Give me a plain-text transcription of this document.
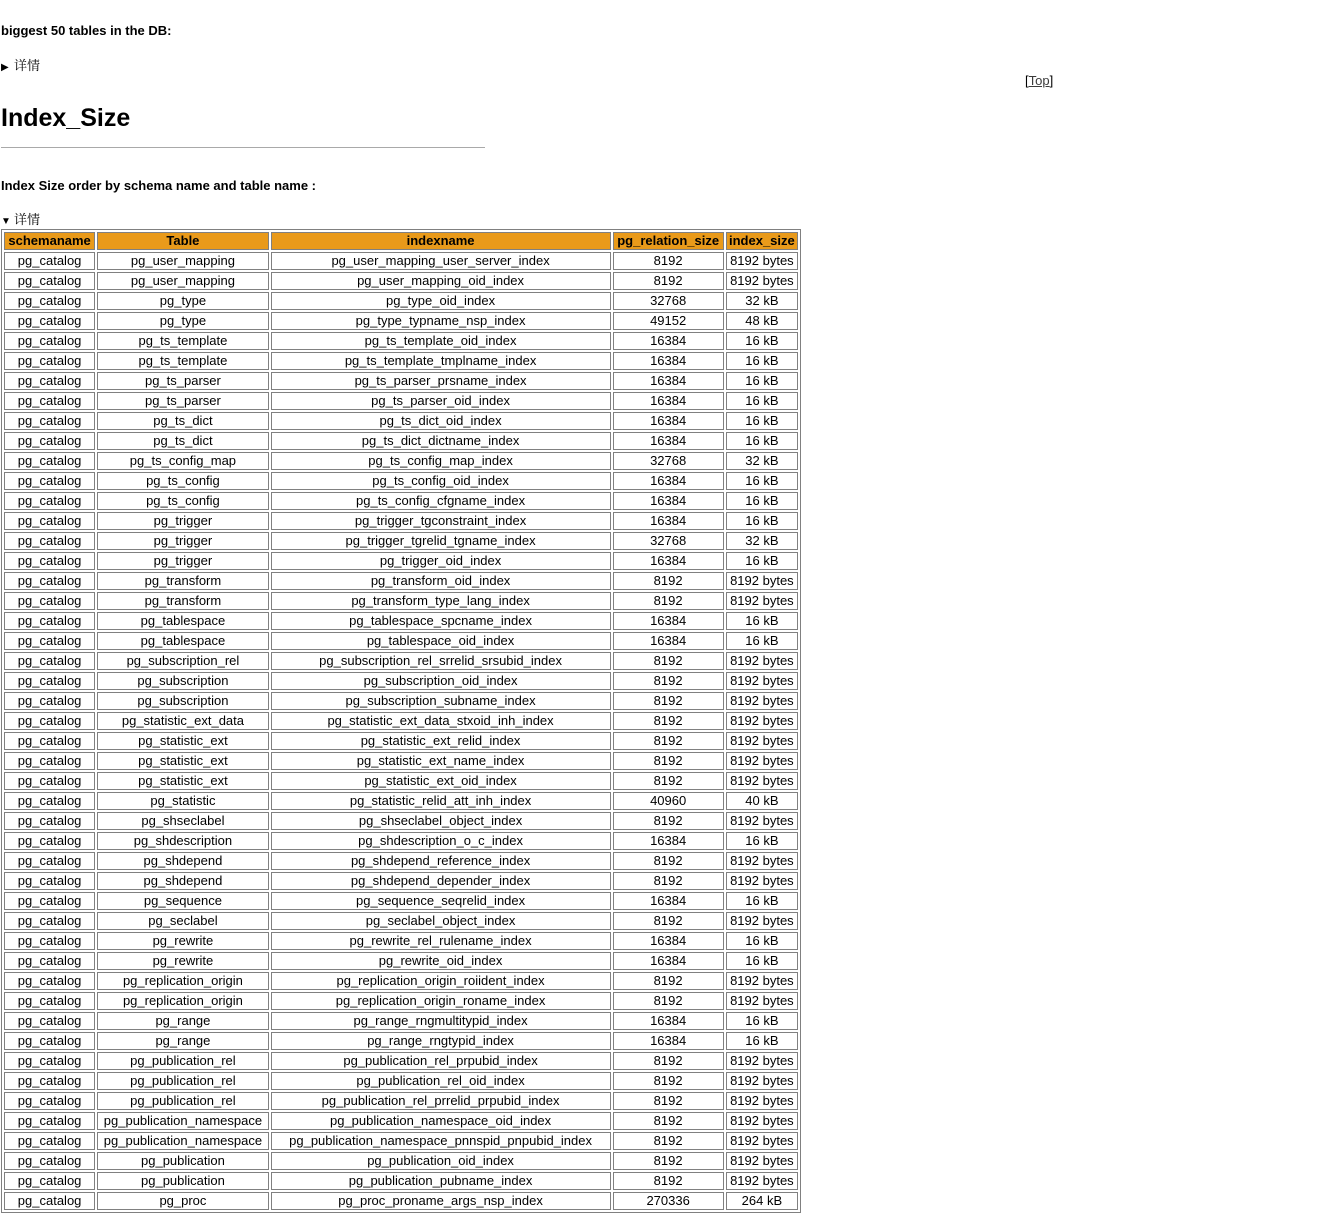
biggest 50 tables in the DB:
▶ 详情
[Top]
Index_Size
Index Size order by schema name and table name :
▼ 详情
schemaname	Table	indexname	pg_relation_size	index_size
pg_catalog	pg_user_mapping	pg_user_mapping_user_server_index	8192	8192 bytes
pg_catalog	pg_user_mapping	pg_user_mapping_oid_index	8192	8192 bytes
pg_catalog	pg_type	pg_type_oid_index	32768	32 kB
pg_catalog	pg_type	pg_type_typname_nsp_index	49152	48 kB
pg_catalog	pg_ts_template	pg_ts_template_oid_index	16384	16 kB
pg_catalog	pg_ts_template	pg_ts_template_tmplname_index	16384	16 kB
pg_catalog	pg_ts_parser	pg_ts_parser_prsname_index	16384	16 kB
pg_catalog	pg_ts_parser	pg_ts_parser_oid_index	16384	16 kB
pg_catalog	pg_ts_dict	pg_ts_dict_oid_index	16384	16 kB
pg_catalog	pg_ts_dict	pg_ts_dict_dictname_index	16384	16 kB
pg_catalog	pg_ts_config_map	pg_ts_config_map_index	32768	32 kB
pg_catalog	pg_ts_config	pg_ts_config_oid_index	16384	16 kB
pg_catalog	pg_ts_config	pg_ts_config_cfgname_index	16384	16 kB
pg_catalog	pg_trigger	pg_trigger_tgconstraint_index	16384	16 kB
pg_catalog	pg_trigger	pg_trigger_tgrelid_tgname_index	32768	32 kB
pg_catalog	pg_trigger	pg_trigger_oid_index	16384	16 kB
pg_catalog	pg_transform	pg_transform_oid_index	8192	8192 bytes
pg_catalog	pg_transform	pg_transform_type_lang_index	8192	8192 bytes
pg_catalog	pg_tablespace	pg_tablespace_spcname_index	16384	16 kB
pg_catalog	pg_tablespace	pg_tablespace_oid_index	16384	16 kB
pg_catalog	pg_subscription_rel	pg_subscription_rel_srrelid_srsubid_index	8192	8192 bytes
pg_catalog	pg_subscription	pg_subscription_oid_index	8192	8192 bytes
pg_catalog	pg_subscription	pg_subscription_subname_index	8192	8192 bytes
pg_catalog	pg_statistic_ext_data	pg_statistic_ext_data_stxoid_inh_index	8192	8192 bytes
pg_catalog	pg_statistic_ext	pg_statistic_ext_relid_index	8192	8192 bytes
pg_catalog	pg_statistic_ext	pg_statistic_ext_name_index	8192	8192 bytes
pg_catalog	pg_statistic_ext	pg_statistic_ext_oid_index	8192	8192 bytes
pg_catalog	pg_statistic	pg_statistic_relid_att_inh_index	40960	40 kB
pg_catalog	pg_shseclabel	pg_shseclabel_object_index	8192	8192 bytes
pg_catalog	pg_shdescription	pg_shdescription_o_c_index	16384	16 kB
pg_catalog	pg_shdepend	pg_shdepend_reference_index	8192	8192 bytes
pg_catalog	pg_shdepend	pg_shdepend_depender_index	8192	8192 bytes
pg_catalog	pg_sequence	pg_sequence_seqrelid_index	16384	16 kB
pg_catalog	pg_seclabel	pg_seclabel_object_index	8192	8192 bytes
pg_catalog	pg_rewrite	pg_rewrite_rel_rulename_index	16384	16 kB
pg_catalog	pg_rewrite	pg_rewrite_oid_index	16384	16 kB
pg_catalog	pg_replication_origin	pg_replication_origin_roiident_index	8192	8192 bytes
pg_catalog	pg_replication_origin	pg_replication_origin_roname_index	8192	8192 bytes
pg_catalog	pg_range	pg_range_rngmultitypid_index	16384	16 kB
pg_catalog	pg_range	pg_range_rngtypid_index	16384	16 kB
pg_catalog	pg_publication_rel	pg_publication_rel_prpubid_index	8192	8192 bytes
pg_catalog	pg_publication_rel	pg_publication_rel_oid_index	8192	8192 bytes
pg_catalog	pg_publication_rel	pg_publication_rel_prrelid_prpubid_index	8192	8192 bytes
pg_catalog	pg_publication_namespace	pg_publication_namespace_oid_index	8192	8192 bytes
pg_catalog	pg_publication_namespace	pg_publication_namespace_pnnspid_pnpubid_index	8192	8192 bytes
pg_catalog	pg_publication	pg_publication_oid_index	8192	8192 bytes
pg_catalog	pg_publication	pg_publication_pubname_index	8192	8192 bytes
pg_catalog	pg_proc	pg_proc_proname_args_nsp_index	270336	264 kB
